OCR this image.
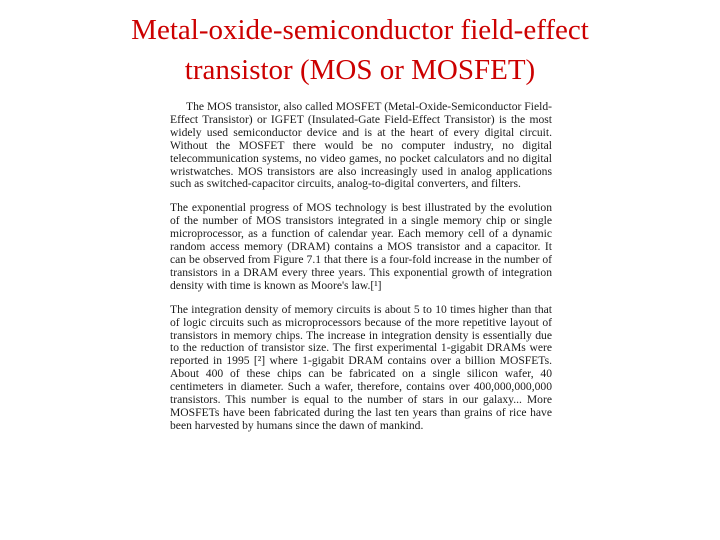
Metal-oxide-semiconductor field-effect
transistor (MOS or MOSFET)

The MOS transistor, also called MOSFET (Metal-Oxide-Semiconductor Field-Effect Transistor) or IGFET (Insulated-Gate Field-Effect Transistor) is the most widely used semiconductor device and is at the heart of every digital circuit. Without the MOSFET there would be no computer industry, no digital telecommunication systems, no video games, no pocket calculators and no digital wristwatches. MOS transistors are also increasingly used in analog applications such as switched-capacitor circuits, analog-to-digital converters, and filters.

The exponential progress of MOS technology is best illustrated by the evolution of the number of MOS transistors integrated in a single memory chip or single microprocessor, as a function of calendar year. Each memory cell of a dynamic random access memory (DRAM) contains a MOS transistor and a capacitor. It can be observed from Figure 7.1 that there is a four-fold increase in the number of transistors in a DRAM every three years. This exponential growth of integration density with time is known as Moore's law.[¹]

The integration density of memory circuits is about 5 to 10 times higher than that of logic circuits such as microprocessors because of the more repetitive layout of transistors in memory chips. The increase in integration density is essentially due to the reduction of transistor size. The first experimental 1-gigabit DRAMs were reported in 1995 [²] where 1-gigabit DRAM contains over a billion MOSFETs. About 400 of these chips can be fabricated on a single silicon wafer, 40 centimeters in diameter. Such a wafer, therefore, contains over 400,000,000,000 transistors. This number is equal to the number of stars in our galaxy... More MOSFETs have been fabricated during the last ten years than grains of rice have been harvested by humans since the dawn of mankind.
